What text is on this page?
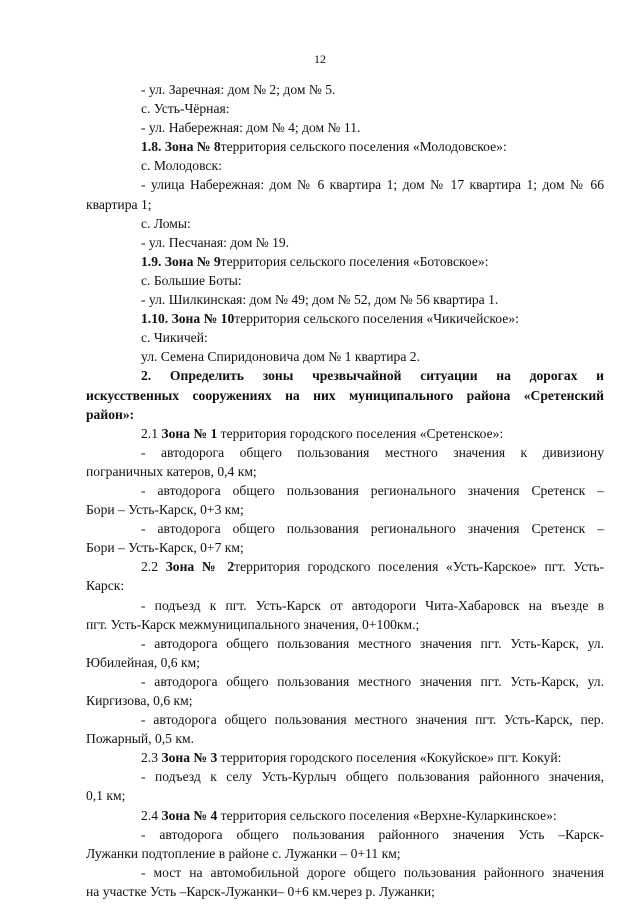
12
- ул. Заречная: дом № 2; дом № 5.
с. Усть-Чёрная:
- ул. Набережная: дом № 4; дом № 11.
1.8. Зона № 8территория сельского поселения «Молодовское»:
с. Молодовск:
- улица Набережная: дом № 6 квартира 1; дом № 17 квартира 1; дом № 66
квартира 1;
с. Ломы:
- ул. Песчаная: дом № 19.
1.9. Зона № 9территория сельского поселения «Ботовское»:
с. Большие Боты:
- ул. Шилкинская: дом № 49; дом № 52, дом № 56 квартира 1.
1.10. Зона № 10территория сельского поселения «Чикичейское»:
с. Чикичей:
ул. Семена Спиридоновича дом № 1 квартира 2.
2. Определить зоны чрезвычайной ситуации на дорогах и
искусственных сооружениях на них муниципального района «Сретенский
район»:
2.1 Зона № 1 территория городского поселения «Сретенское»:
- автодорога общего пользования местного значения к дивизиону
пограничных катеров, 0,4 км;
- автодорога общего пользования регионального значения Сретенск –
Бори – Усть-Карск, 0+3 км;
- автодорога общего пользования регионального значения Сретенск –
Бори – Усть-Карск, 0+7 км;
2.2 Зона № 2территория городского поселения «Усть-Карское» пгт. Усть-
Карск:
- подъезд к пгт. Усть-Карск от автодороги Чита-Хабаровск на въезде в
пгт. Усть-Карск межмуниципального значения, 0+100км.;
- автодорога общего пользования местного значения пгт. Усть-Карск, ул.
Юбилейная, 0,6 км;
- автодорога общего пользования местного значения пгт. Усть-Карск, ул.
Киргизова, 0,6 км;
- автодорога общего пользования местного значения пгт. Усть-Карск, пер.
Пожарный, 0,5 км.
2.3 Зона № 3 территория городского поселения «Кокуйское» пгт. Кокуй:
- подъезд к селу Усть-Курлыч общего пользования районного значения,
0,1 км;
2.4 Зона № 4 территория сельского поселения «Верхне-Куларкинское»:
- автодорога общего пользования районного значения Усть –Карск-
Лужанки подтопление в районе с. Лужанки – 0+11 км;
- мост на автомобильной дороге общего пользования районного значения
на участке Усть –Карск-Лужанки– 0+6 км.через р. Лужанки;
